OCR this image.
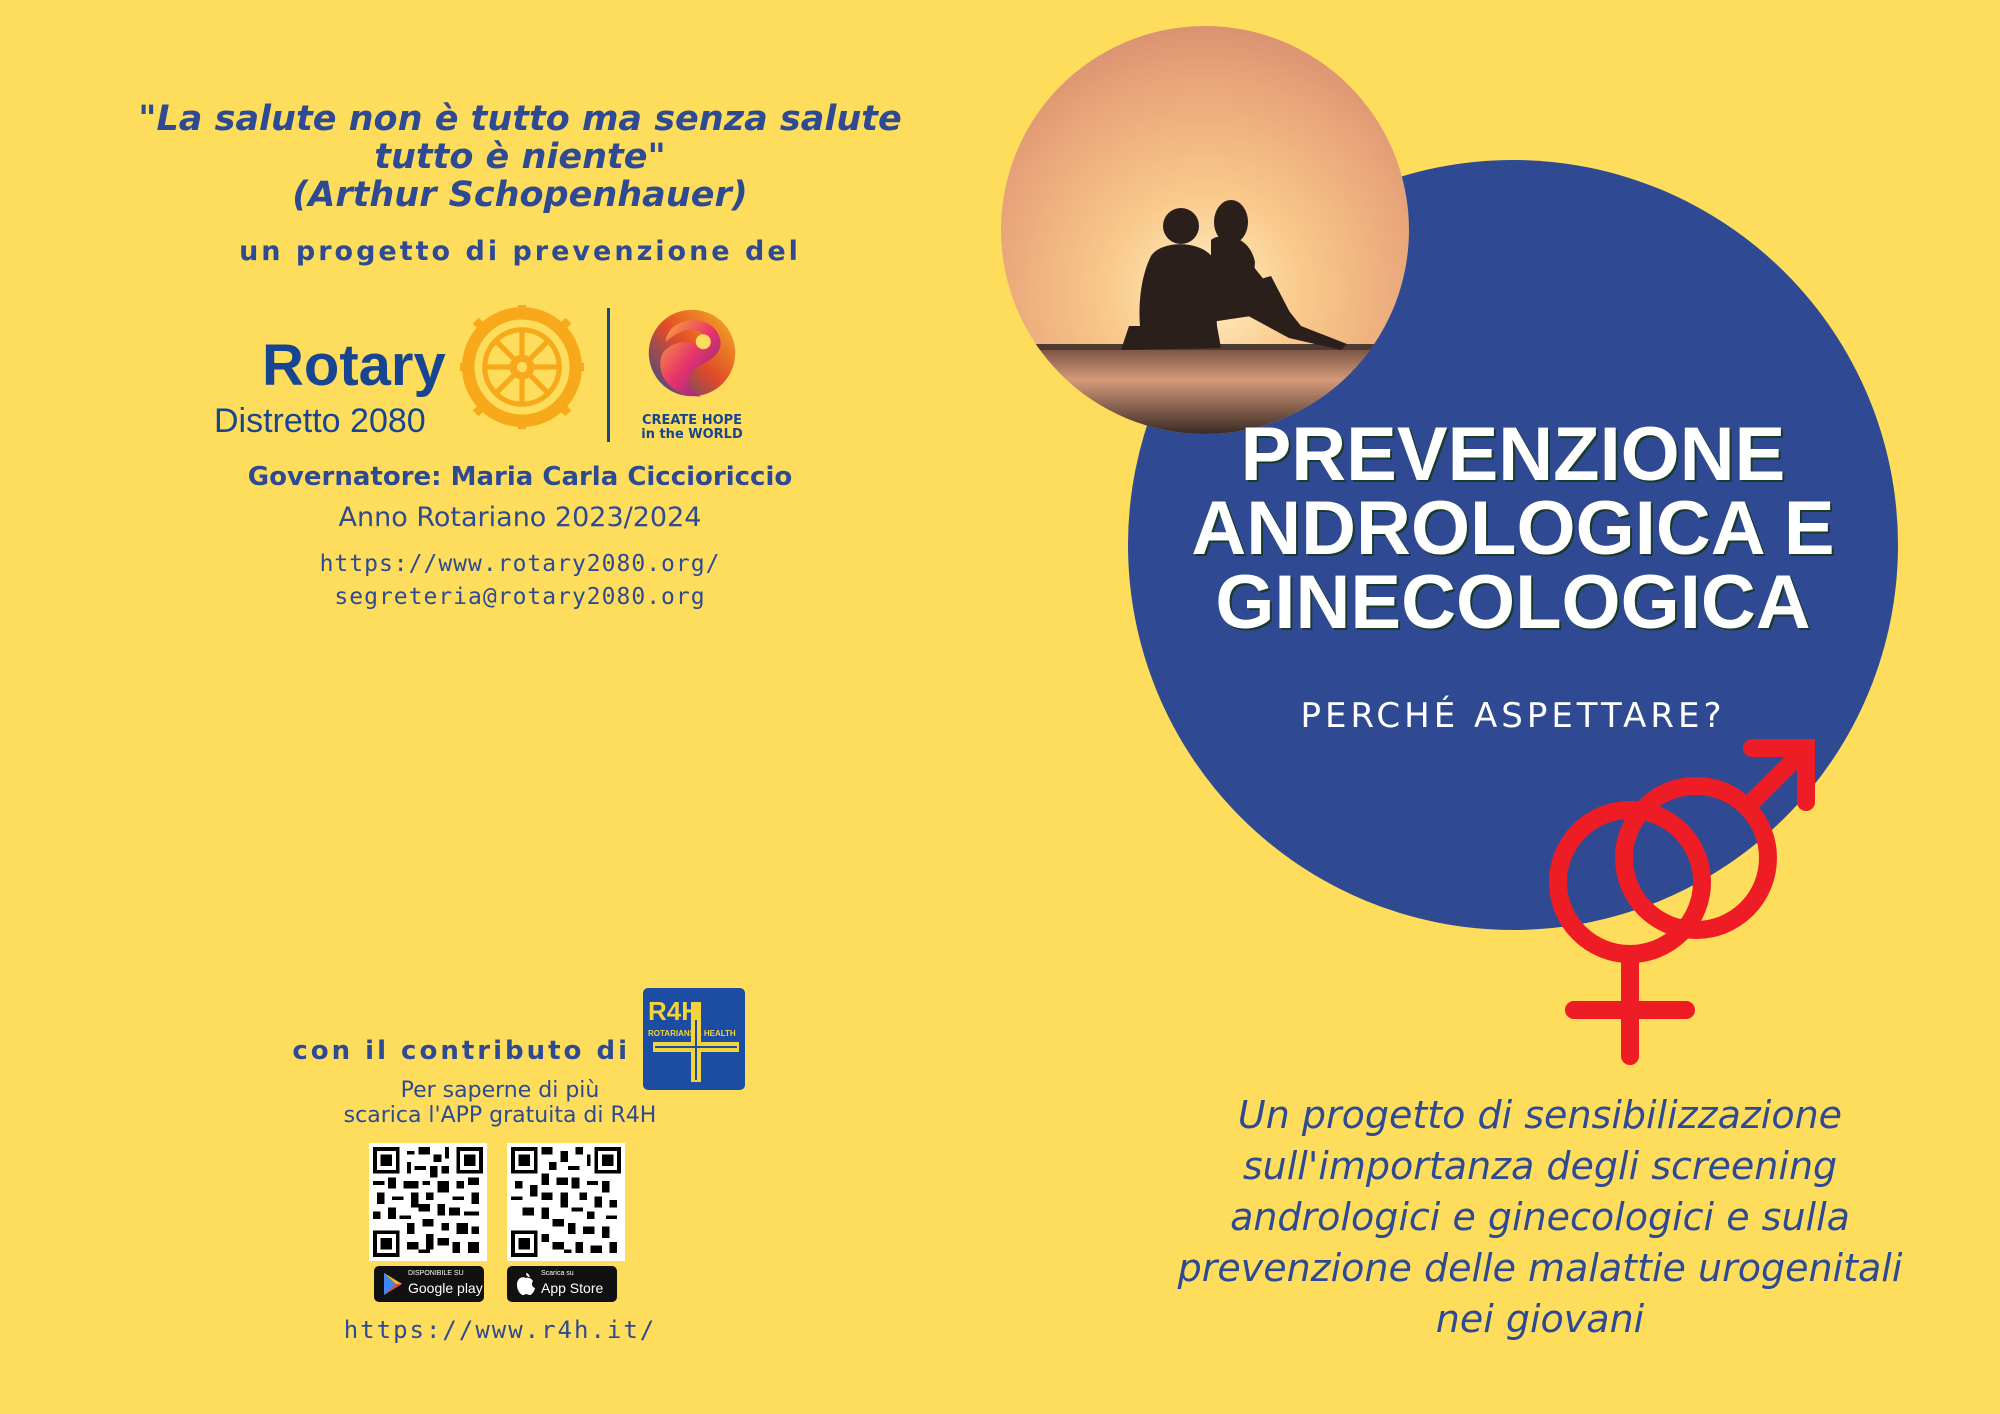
"La salute non è tutto ma senza salute
tutto è niente"
(Arthur Schopenhauer)
un progetto di prevenzione del
Rotary
Distretto 2080	CREATE HOPE
in the WORLD
Governatore: Maria Carla Ciccioriccio
Anno Rotariano 2023/2024
https://www.rotary2080.org/
segreteria@rotary2080.org
con il contributo di
R4H
ROTARIANS 4 HEALTH
Per saperne di più
scarica l'APP gratuita di R4H
DISPONIBILE SU
Google play
Scarica su
App Store
https://www.r4h.it/
PREVENZIONE
ANDROLOGICA E
GINECOLOGICA
PERCHÉ ASPETTARE?
Un progetto di sensibilizzazione
sull'importanza degli screening
andrologici e ginecologici e sulla
prevenzione delle malattie urogenitali
nei giovani
